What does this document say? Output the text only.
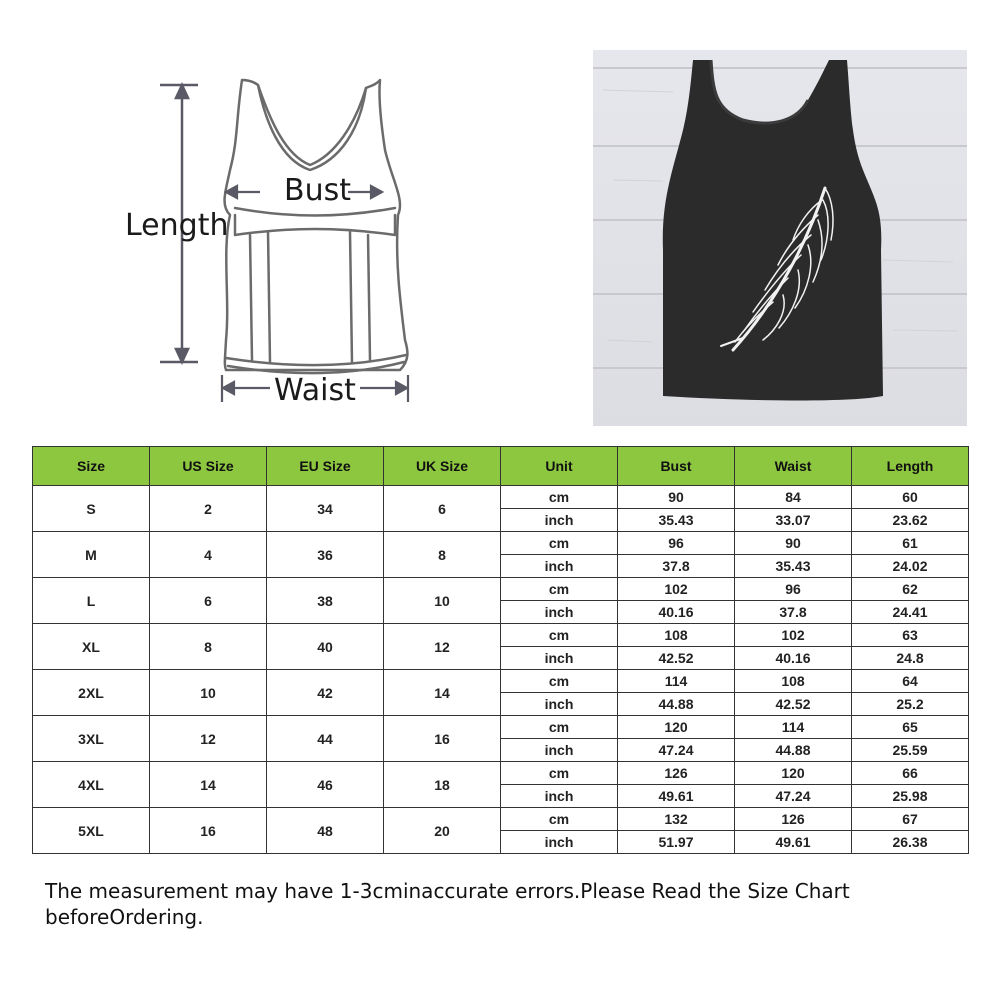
Length
Bust
Waist
Size	US Size	EU Size	UK Size	Unit	Bust	Waist	Length
S	2	34	6	cm	90	84	60
				inch	35.43	33.07	23.62
M	4	36	8	cm	96	90	61
				inch	37.8	35.43	24.02
L	6	38	10	cm	102	96	62
				inch	40.16	37.8	24.41
XL	8	40	12	cm	108	102	63
				inch	42.52	40.16	24.8
2XL	10	42	14	cm	114	108	64
				inch	44.88	42.52	25.2
3XL	12	44	16	cm	120	114	65
				inch	47.24	44.88	25.59
4XL	14	46	18	cm	126	120	66
				inch	49.61	47.24	25.98
5XL	16	48	20	cm	132	126	67
				inch	51.97	49.61	26.38
The measurement may have 1-3cminaccurate errors.Please Read the Size Chart beforeOrdering.
